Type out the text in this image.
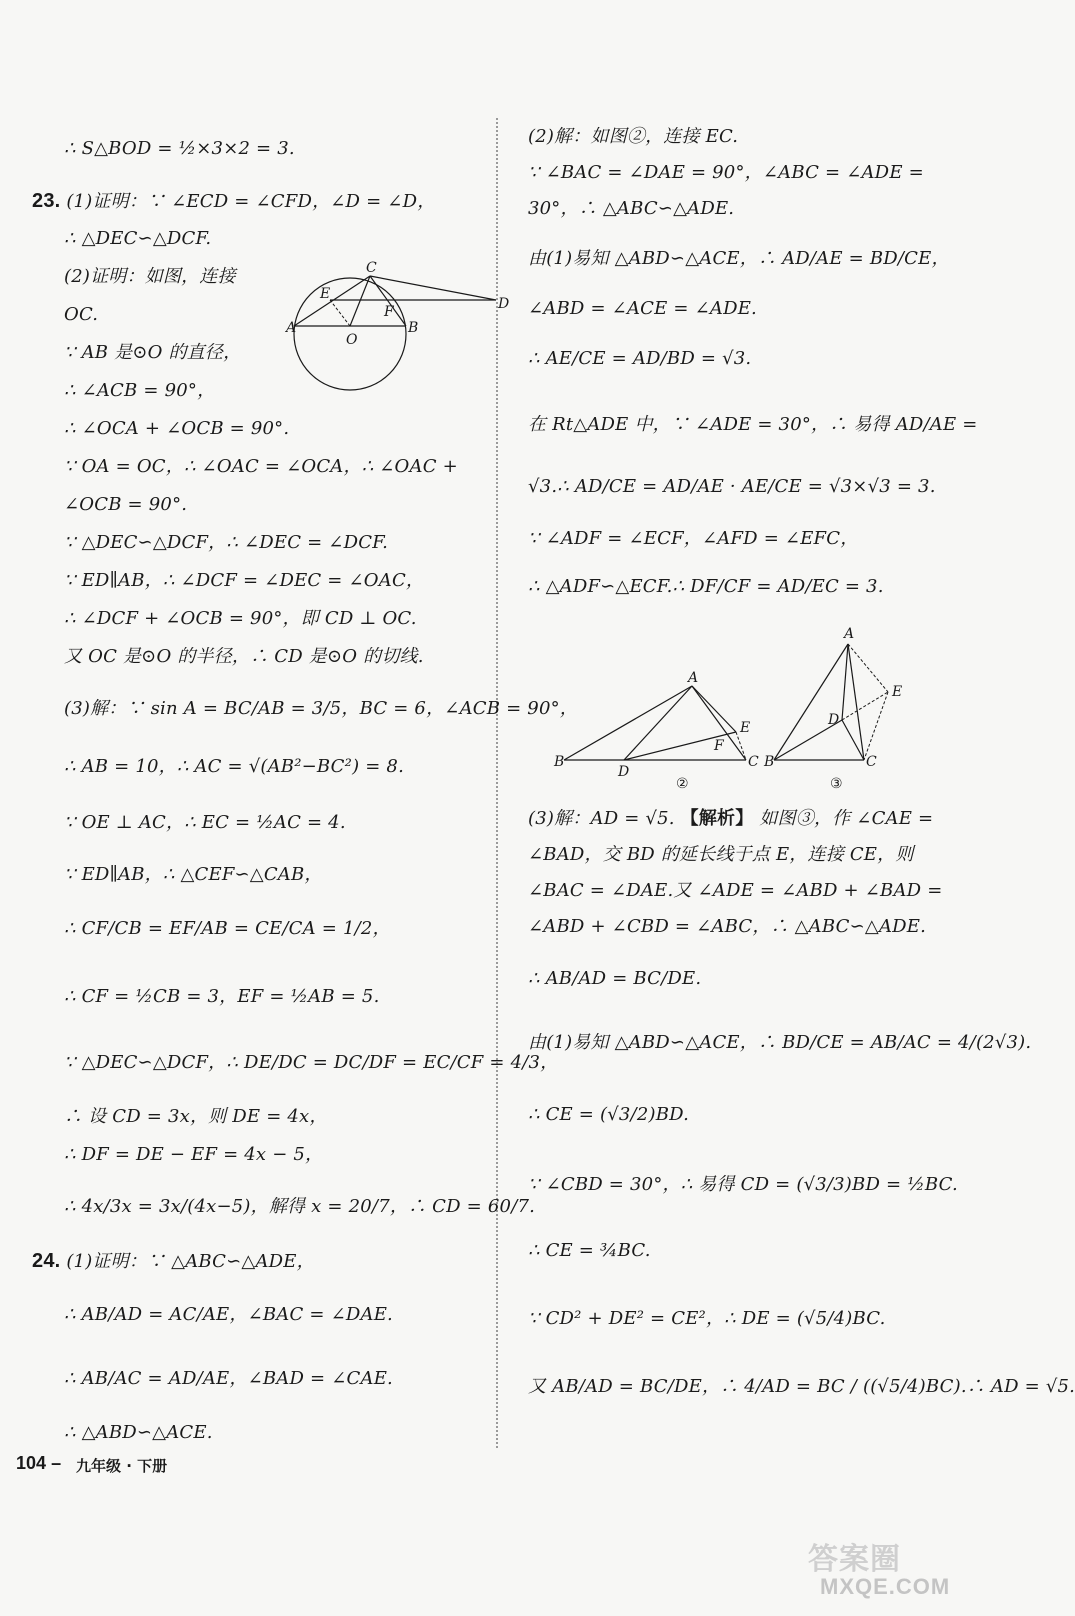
∴ S△BOD = ½×3×2 = 3.
23. (1)证明：∵ ∠ECD = ∠CFD，∠D = ∠D，
∴ △DEC∽△DCF.
(2)证明：如图，连接
OC.
∵ AB 是⊙O 的直径，
∴ ∠ACB = 90°，
∴ ∠OCA + ∠OCB = 90°.
∵ OA = OC，∴ ∠OAC = ∠OCA，∴ ∠OAC +
∠OCB = 90°.
∵ △DEC∽△DCF，∴ ∠DEC = ∠DCF.
∵ ED∥AB，∴ ∠DCF = ∠DEC = ∠OAC，
∴ ∠DCF + ∠OCB = 90°，即 CD ⊥ OC.
又 OC 是⊙O 的半径，∴ CD 是⊙O 的切线.
(3)解：∵ sin A = BC/AB = 3/5，BC = 6，∠ACB = 90°，
∴ AB = 10，∴ AC = √(AB²−BC²) = 8.
∵ OE ⊥ AC，∴ EC = ½AC = 4.
∵ ED∥AB，∴ △CEF∽△CAB，
∴ CF/CB = EF/AB = CE/CA = 1/2，
∴ CF = ½CB = 3，EF = ½AB = 5.
∵ △DEC∽△DCF，∴ DE/DC = DC/DF = EC/CF = 4/3，
∴ 设 CD = 3x，则 DE = 4x，
∴ DF = DE − EF = 4x − 5，
∴ 4x/3x = 3x/(4x−5)，解得 x = 20/7，∴ CD = 60/7.
24. (1)证明：∵ △ABC∽△ADE，
∴ AB/AD = AC/AE，∠BAC = ∠DAE.
∴ AB/AC = AD/AE，∠BAD = ∠CAE.
∴ △ABD∽△ACE.
A	B
C
D
E
F
O
(2)解：如图②，连接 EC.
∵ ∠BAC = ∠DAE = 90°，∠ABC = ∠ADE =
30°，∴ △ABC∽△ADE.
由(1)易知 △ABD∽△ACE，∴ AD/AE = BD/CE，
∠ABD = ∠ACE = ∠ADE.
∴ AE/CE = AD/BD = √3.
在 Rt△ADE 中，∵ ∠ADE = 30°，∴ 易得 AD/AE =
√3.∴ AD/CE = AD/AE · AE/CE = √3×√3 = 3.
∵ ∠ADF = ∠ECF，∠AFD = ∠EFC，
∴ △ADF∽△ECF.∴ DF/CF = AD/EC = 3.
A
B	C
D
E
F
②
A
B	C
D
E
③
(3)解：AD = √5. 【解析】 如图③，作 ∠CAE =
∠BAD，交 BD 的延长线于点 E，连接 CE，则
∠BAC = ∠DAE.又 ∠ADE = ∠ABD + ∠BAD =
∠ABD + ∠CBD = ∠ABC，∴ △ABC∽△ADE.
∴ AB/AD = BC/DE.
由(1)易知 △ABD∽△ACE，∴ BD/CE = AB/AC = 4/(2√3).
∴ CE = (√3/2)BD.
∵ ∠CBD = 30°，∴ 易得 CD = (√3/3)BD = ½BC.
∴ CE = ¾BC.
∵ CD² + DE² = CE²，∴ DE = (√5/4)BC.
又 AB/AD = BC/DE，∴ 4/AD = BC / ((√5/4)BC).∴ AD = √5.
104 – 九年级 · 下册
答案圈
MXQE.COM
